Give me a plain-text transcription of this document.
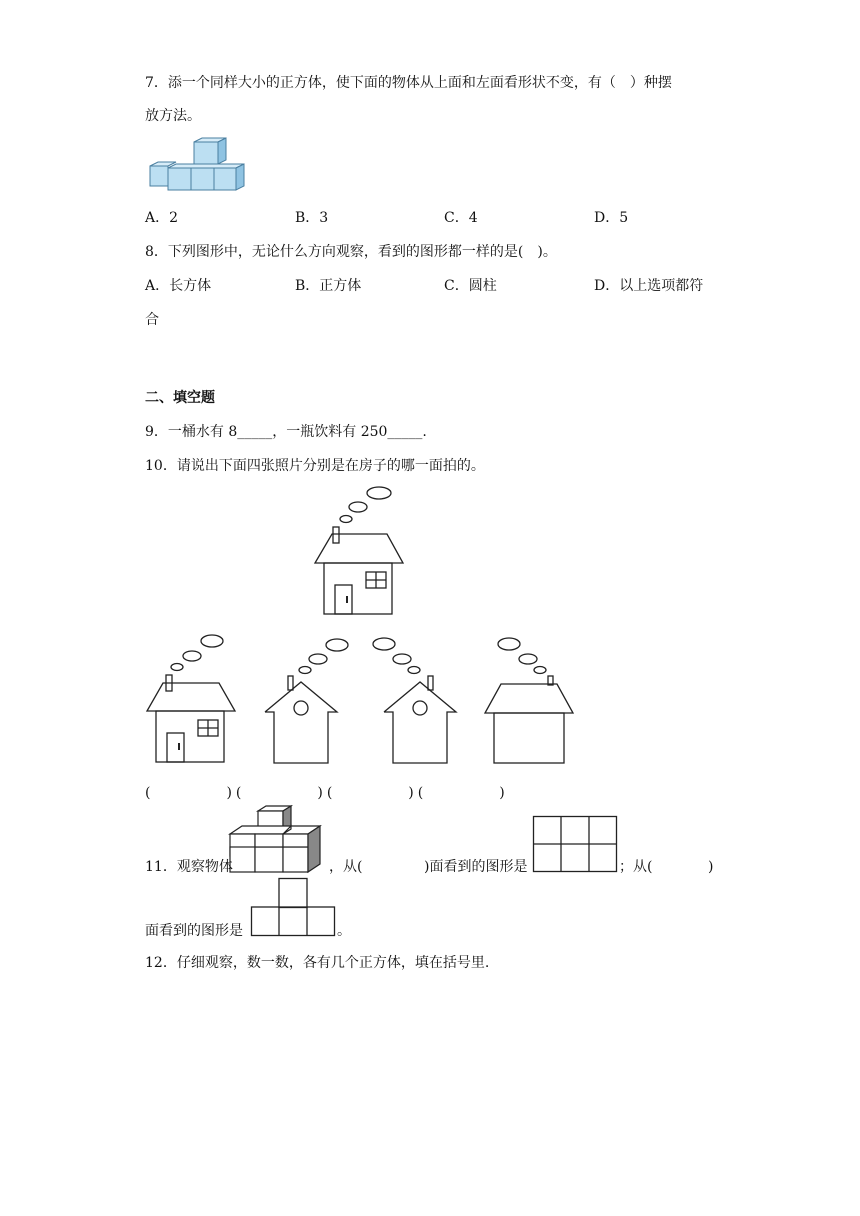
7．添一个同样大小的正方体，使下面的物体从上面和左面看形状不变，有（　）种摆
放方法。
A．2	B．3	C．4	D．5
8．下列图形中，无论什么方向观察，看到的图形都一样的是(　)。
A．长方体	B．正方体	C．圆柱	D．以上选项都符
合
二、填空题
9．一桶水有 8_____，一瓶饮料有 250_____.
10．请说出下面四张照片分别是在房子的哪一面拍的。
(　　　　)(　　　　)(　　　　)(　　　　)
11．观察物体	，从(	)面看到的图形是	；从(	)
面看到的图形是	。
12．仔细观察，数一数，各有几个正方体，填在括号里.
